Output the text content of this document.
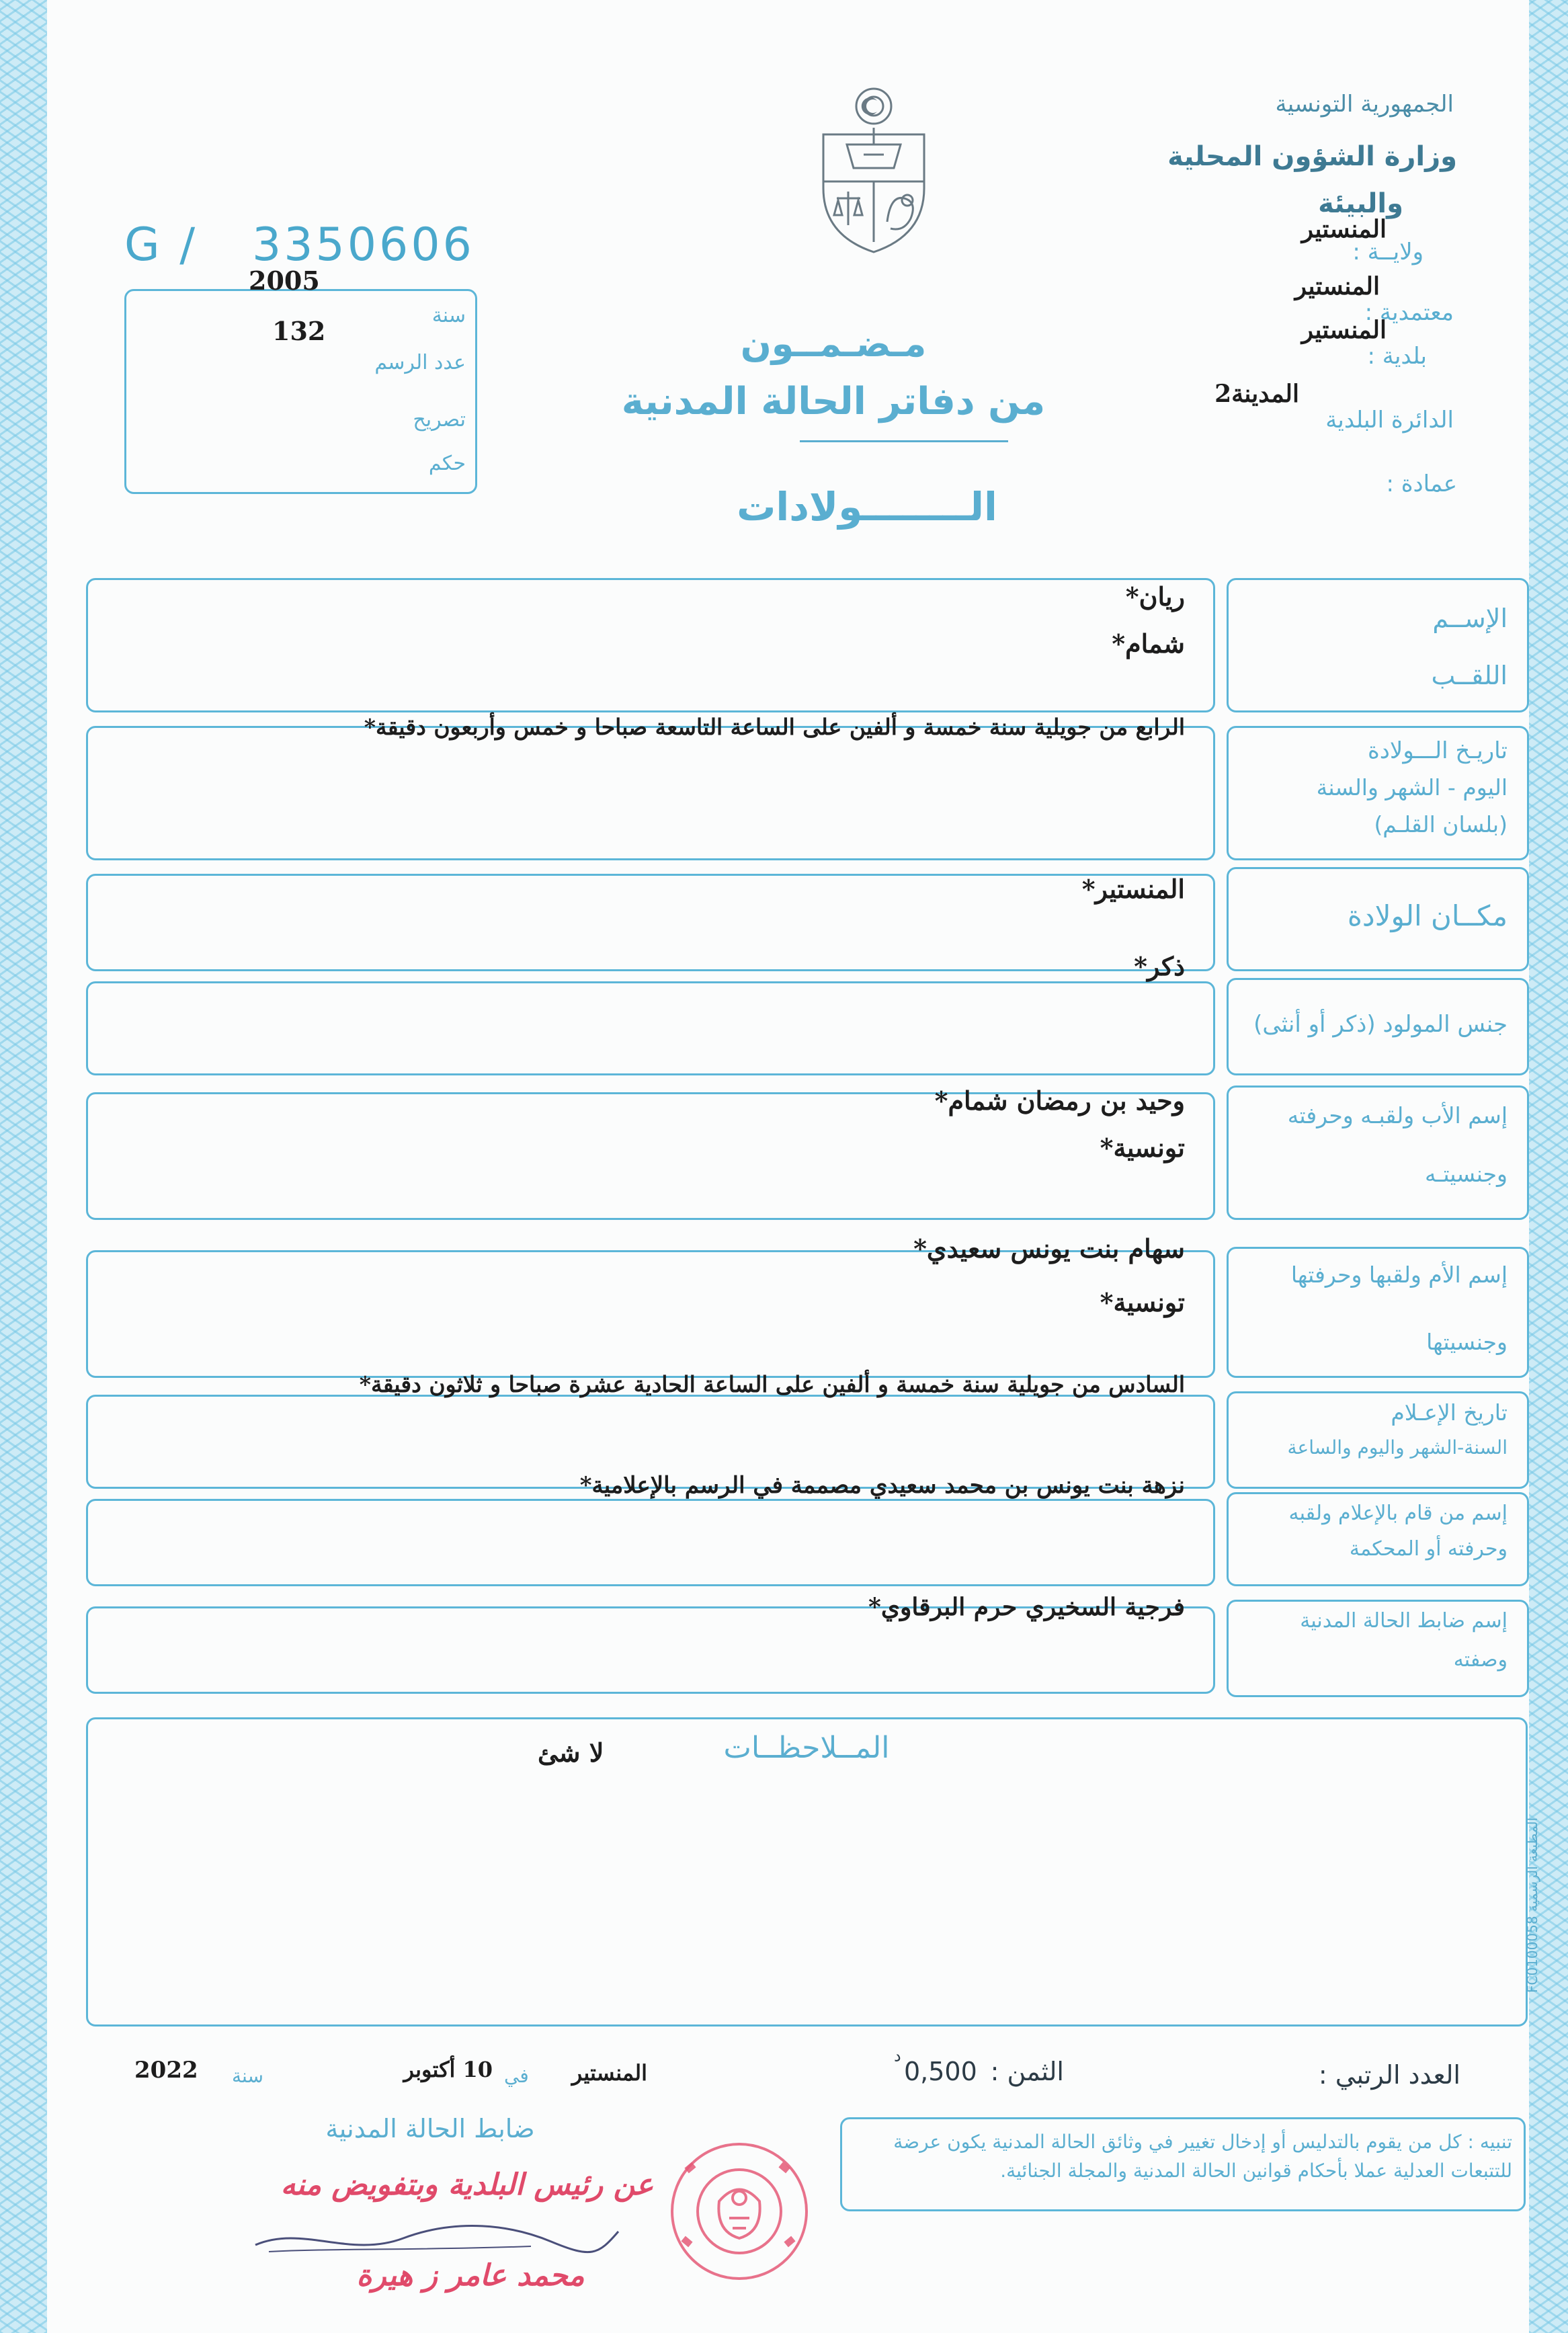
الجمهورية التونسية
وزارة الشؤون المحلية
والبيئة
ولايــة :
المنستير
معتمدية :
المنستير
بلدية :
المنستير
الدائرة البلدية
المدينة2
عمادة :
G / 3350606
2005
سنة
132
عدد الرسم
تصريح
حكم
مـضـمــون
من دفاتر الحالة المدنية
الــــــــولادات
الإســم
اللقــب
ريان*
شمام*
تاريـخ الـــولادة
اليوم - الشهر والسنة
(بلسان القلـم)
الرابع من جويلية سنة خمسة و ألفين على الساعة التاسعة صباحا و خمس وأربعون دقيقة*
مكــان الولادة
المنستير*
جنس المولود (ذكر أو أنثى)
ذكر*
إسم الأب ولقبـه وحرفته
وجنسيتـه
وحيد بن رمضان شمام*
تونسية*
إسم الأم ولقبها وحرفتها
وجنسيتها
سهام بنت يونس سعيدي*
تونسية*
تاريخ الإعـلام
السنة-الشهر واليوم والساعة
السادس من جويلية سنة خمسة و ألفين على الساعة الحادية عشرة صباحا و ثلاثون دقيقة*
إسم من قام بالإعلام ولقبه
وحرفته أو المحكمة
نزهة بنت يونس بن محمد سعيدي مصممة في الرسم بالإعلامية*
إسم ضابط الحالة المدنية
وصفته
فرجية السخيري حرم البرقاوي*
المــلاحظــات
لا شئ
المطبعة الرسمية FC0100058
العدد الرتبي :
الثمن :
0,500
د
المنستير
في
10 أكتوبر
سنة
2022
ضابط الحالة المدنية
عن رئيس البلدية وبتفويض منه
محمد عامر ز هيرة
تنبيه : كل من يقوم بالتدليس أو إدخال تغيير في وثائق الحالة المدنية يكون عرضة للتتبعات العدلية عملا بأحكام قوانين الحالة المدنية والمجلة الجنائية.
